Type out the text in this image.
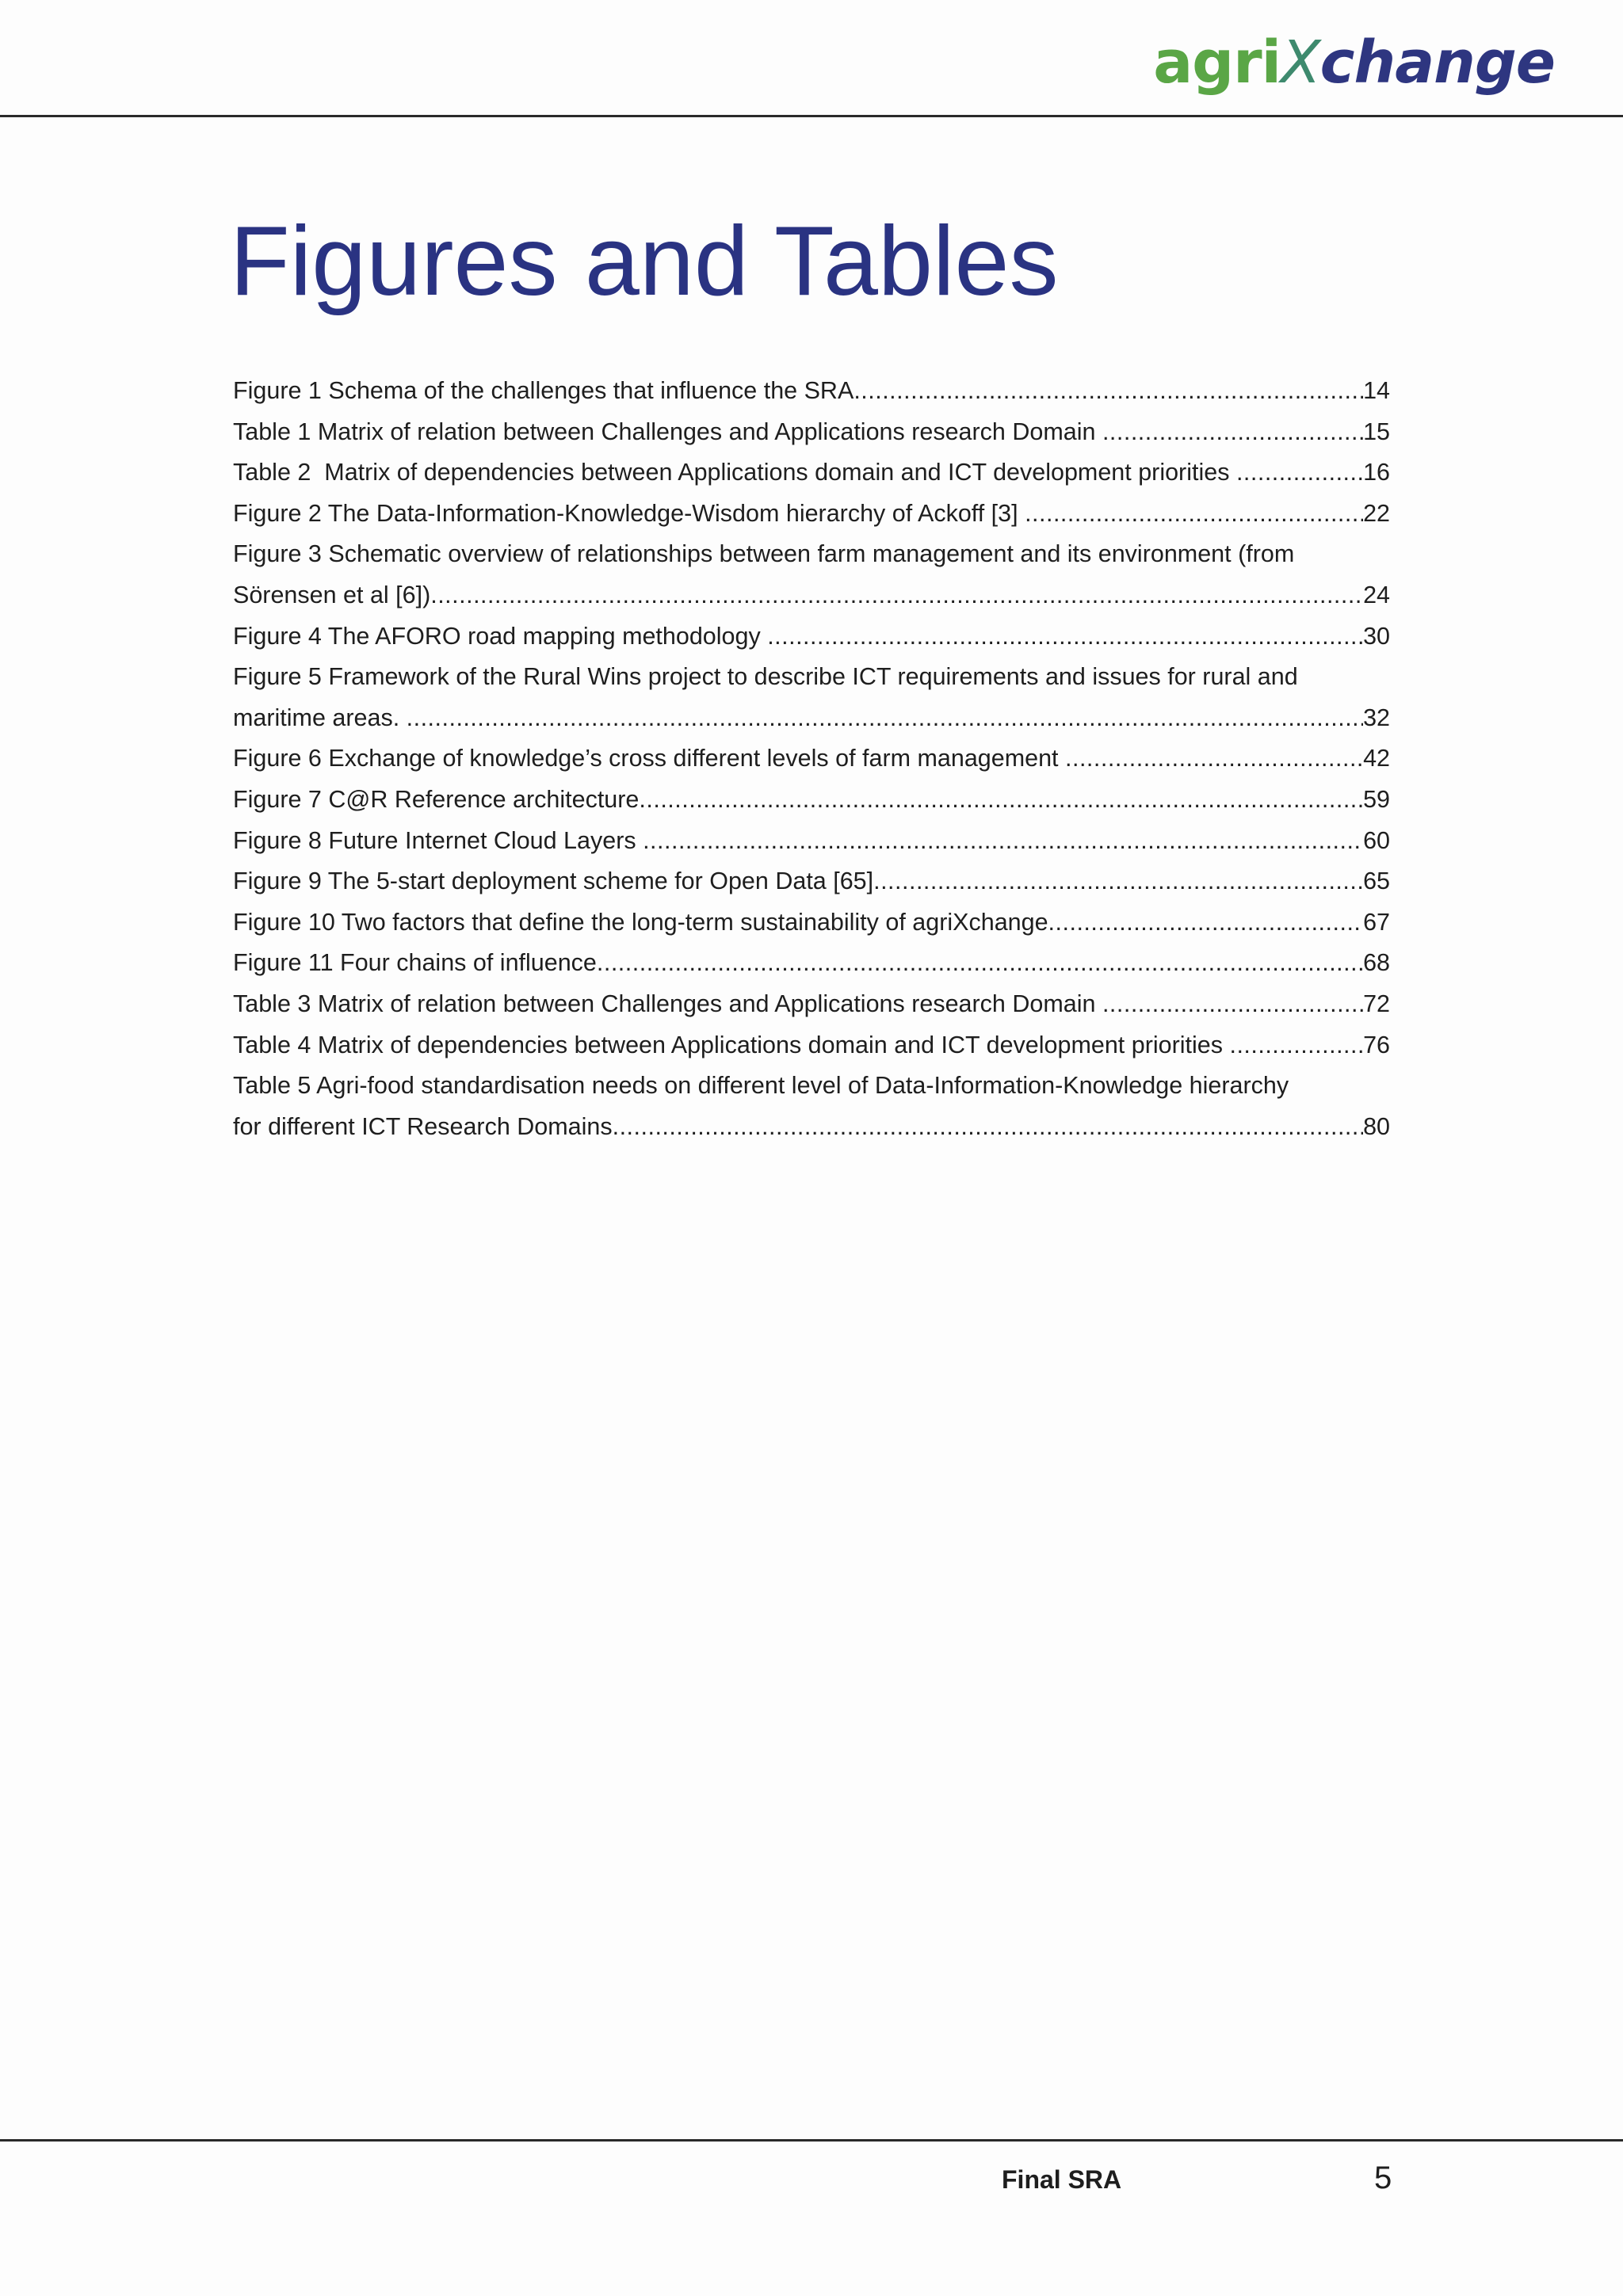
agriXchange
Figures and Tables
Figure 1 Schema of the challenges that influence the SRA .....	14
Table 1 Matrix of relation between Challenges and Applications research Domain .....	15
Table 2  Matrix of dependencies between Applications domain and ICT development priorities .....	16
Figure 2 The Data-Information-Knowledge-Wisdom hierarchy of Ackoff [3] .....	22
Figure 3 Schematic overview of relationships between farm management and its environment (from
Sörensen et al [6]) .....	24
Figure 4 The AFORO road mapping methodology .....	30
Figure 5 Framework of the Rural Wins project to describe ICT requirements and issues for rural and
maritime areas. .....	32
Figure 6 Exchange of knowledge’s cross different levels of farm management .....	42
Figure 7 C@R Reference architecture .....	59
Figure 8 Future Internet Cloud Layers .....	60
Figure 9 The 5-start deployment scheme for Open Data [65] .....	65
Figure 10 Two factors that define the long-term sustainability of agriXchange .....	67
Figure 11 Four chains of influence .....	68
Table 3 Matrix of relation between Challenges and Applications research Domain .....	72
Table 4 Matrix of dependencies between Applications domain and ICT development priorities .....	76
Table 5 Agri-food standardisation needs on different level of Data-Information-Knowledge hierarchy
for different ICT Research Domains .....	80
Final SRA	5
